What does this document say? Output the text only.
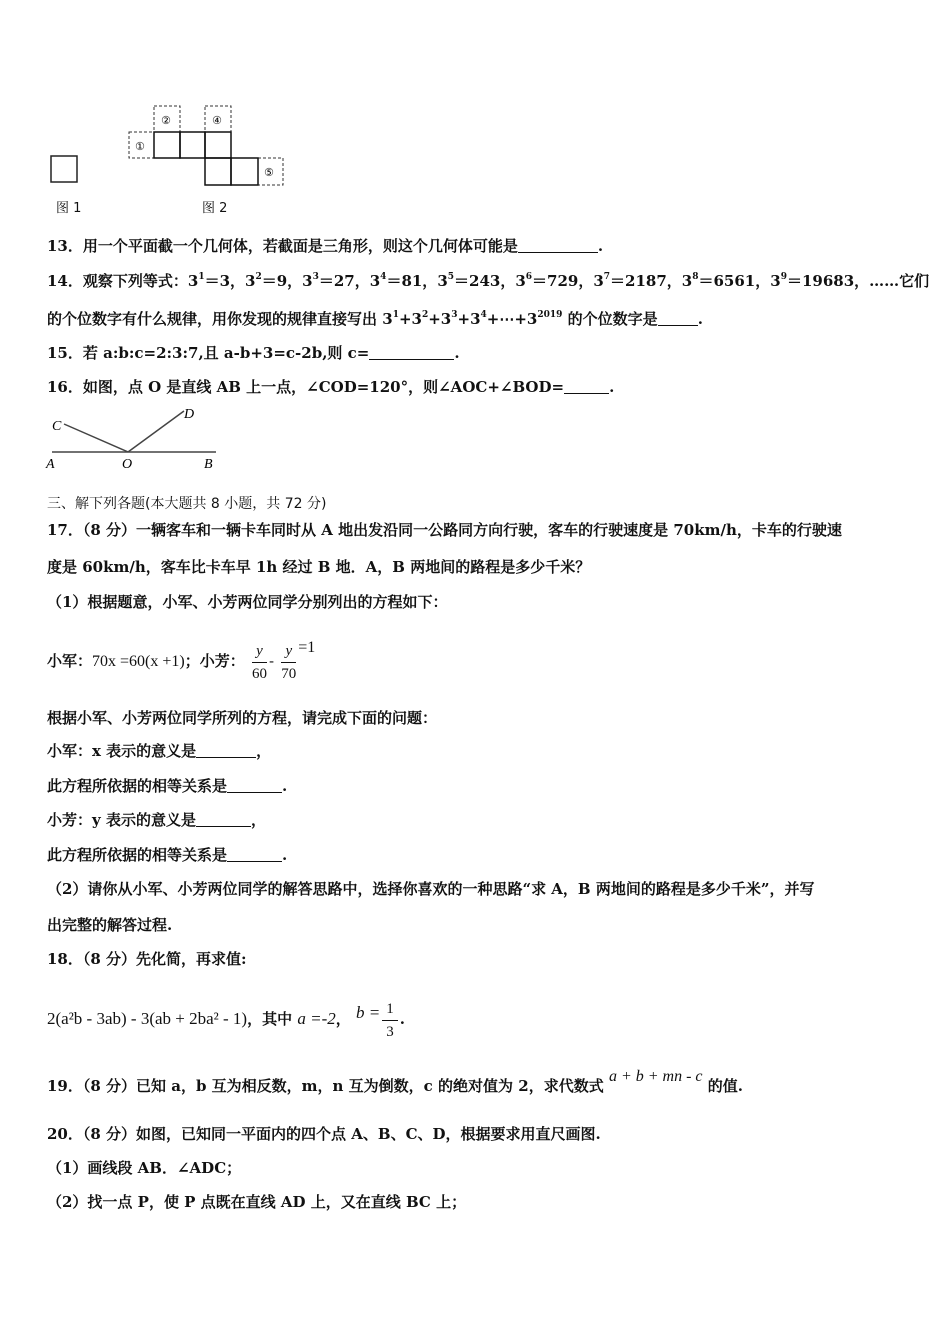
图 1
①
②	④
⑤
图 2
13．用一个平面截一个几何体，若截面是三角形，则这个几何体可能是	.
14．观察下列等式：$3^1=3$，$3^2=9$，$3^3=27$，$3^4=81$，$3^5=243$，$3^6=729$，$3^7=2187$，$3^8=6561$，$3^9=19683$，……它们
的个位数字有什么规律，用你发现的规律直接写出 $3^1+3^2+3^3+3^4+\cdots+3^{2019}$ 的个位数字是	.
15．若 a:b:c=2:3:7,且 a-b+3=c-2b,则 c=	.
16．如图，点 O 是直线 AB 上一点，∠COD=120°，则∠AOC+∠BOD=	.
A	O	B
C
D
三、解下列各题(本大题共 8 小题，共 72 分)
17．（8 分）一辆客车和一辆卡车同时从 A 地出发沿同一公路同方向行驶，客车的行驶速度是 70km/h，卡车的行驶速
度是 60km/h，客车比卡车早 1h 经过 B 地．A，B 两地间的路程是多少千米？
（1）根据题意，小军、小芳两位同学分别列出的方程如下：
小军：70x =60(x +1)；小芳： $\frac{y}{60} - \frac{y}{70} =1$
根据小军、小芳两位同学所列的方程，请完成下面的问题：
小军：x 表示的意义是	，
此方程所依据的相等关系是	.
小芳：y 表示的意义是	，
此方程所依据的相等关系是	.
（2）请你从小军、小芳两位同学的解答思路中，选择你喜欢的一种思路“求 A，B 两地间的路程是多少千米”，并写
出完整的解答过程.
18．（8 分）先化简，再求值:
2(a²b - 3ab) - 3(ab + 2ba² - 1)，其中 a =-2， $b = \frac{1}{3}$ .
19．（8 分）已知 a，b 互为相反数，m，n 互为倒数，c 的绝对值为 2，求代数式 a + b + mn - c 的值.
20．（8 分）如图，已知同一平面内的四个点 A、B、C、D，根据要求用直尺画图.
（1）画线段 AB．∠ADC；
（2）找一点 P，使 P 点既在直线 AD 上，又在直线 BC 上；
